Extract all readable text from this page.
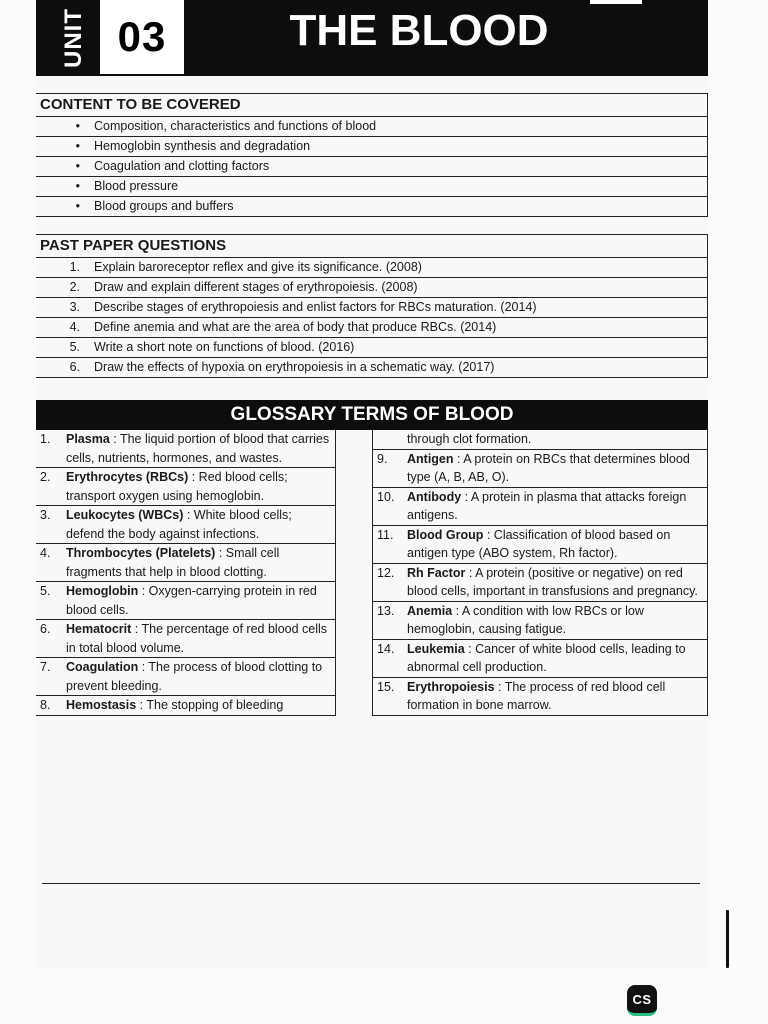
UNIT 03	THE BLOOD
CONTENT TO BE COVERED
•	Composition, characteristics and functions of blood
•	Hemoglobin synthesis and degradation
•	Coagulation and clotting factors
•	Blood pressure
•	Blood groups and buffers
PAST PAPER QUESTIONS
1.	Explain baroreceptor reflex and give its significance. (2008)
2.	Draw and explain different stages of erythropoiesis. (2008)
3.	Describe stages of erythropoiesis and enlist factors for RBCs maturation. (2014)
4.	Define anemia and what are the area of body that produce RBCs. (2014)
5.	Write a short note on functions of blood. (2016)
6.	Draw the effects of hypoxia on erythropoiesis in a schematic way. (2017)
GLOSSARY TERMS OF BLOOD
1.	Plasma : The liquid portion of blood that carries cells, nutrients, hormones, and wastes.
2.	Erythrocytes (RBCs) : Red blood cells; transport oxygen using hemoglobin.
3.	Leukocytes (WBCs) : White blood cells; defend the body against infections.
4.	Thrombocytes (Platelets) : Small cell fragments that help in blood clotting.
5.	Hemoglobin : Oxygen-carrying protein in red blood cells.
6.	Hematocrit : The percentage of red blood cells in total blood volume.
7.	Coagulation : The process of blood clotting to prevent bleeding.
8.	Hemostasis : The stopping of bleeding
through clot formation.
9.	Antigen : A protein on RBCs that determines blood type (A, B, AB, O).
10.	Antibody : A protein in plasma that attacks foreign antigens.
11.	Blood Group : Classification of blood based on antigen type (ABO system, Rh factor).
12.	Rh Factor : A protein (positive or negative) on red blood cells, important in transfusions and pregnancy.
13.	Anemia : A condition with low RBCs or low hemoglobin, causing fatigue.
14.	Leukemia : Cancer of white blood cells, leading to abnormal cell production.
15.	Erythropoiesis : The process of red blood cell formation in bone marrow.
CS
